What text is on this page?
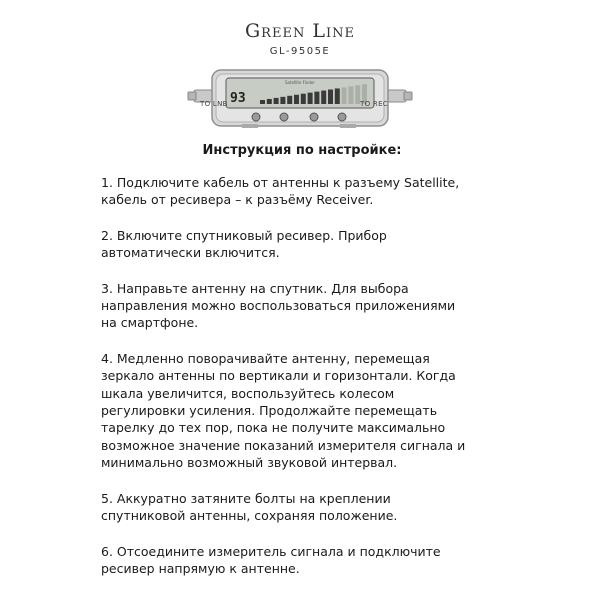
Green Line
GL-9505E
Satellite Finder
93
TO LNB	TO REC
Инструкция по настройке:

1. Подключите кабель от антенны к разъему Satellite,
кабель от ресивера – к разъёму Receiver.

2. Включите спутниковый ресивер. Прибор
автоматически включится.

3. Направьте антенну на спутник. Для выбора
направления можно воспользоваться приложениями
на смартфоне.

4. Медленно поворачивайте антенну, перемещая
зеркало антенны по вертикали и горизонтали. Когда
шкала увеличится, воспользуйтесь колесом
регулировки усиления. Продолжайте перемещать
тарелку до тех пор, пока не получите максимально
возможное значение показаний измерителя сигнала и
минимально возможный звуковой интервал.

5. Аккуратно затяните болты на креплении
спутниковой антенны, сохраняя положение.

6. Отсоедините измеритель сигнала и подключите
ресивер напрямую к антенне.
